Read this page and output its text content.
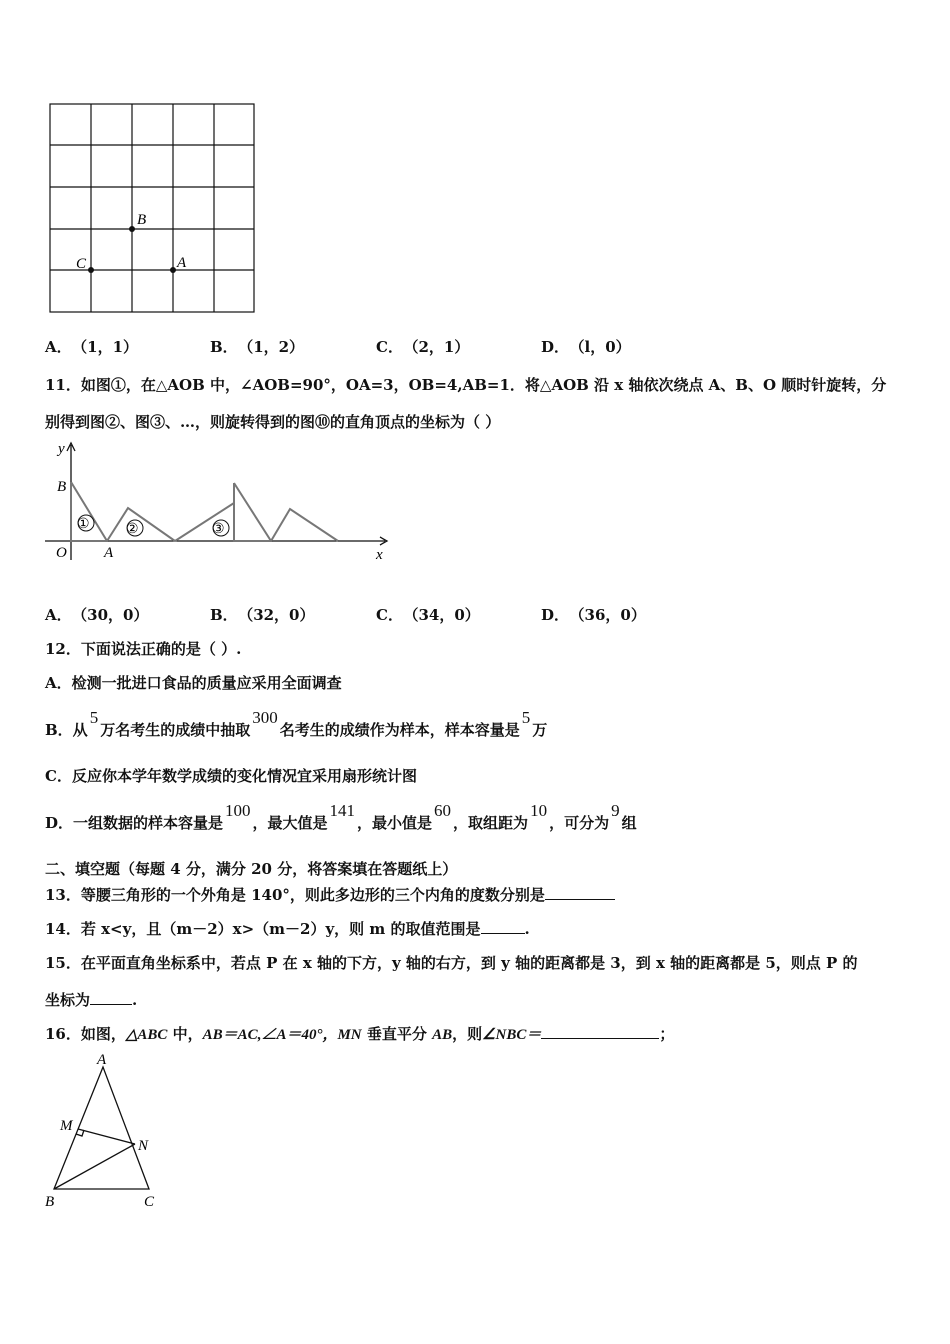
B
C	A
A． （1，1）	B． （1，2）	C． （2，1）	D． （l，0）
11．如图①，在△AOB 中，∠AOB=90°，OA=3，OB=4,AB=1．将△AOB 沿 x 轴依次绕点 A、B、O 顺时针旋转，分
别得到图②、图③、…，则旋转得到的图⑩的直角顶点的坐标为（ ）
①	②	③
y
B
O A	x
A． （30，0）	B． （32，0）	C． （34，0）	D． （36，0）
12．下面说法正确的是（ ）.
A．检测一批进口食品的质量应采用全面调查
B．从5万名考生的成绩中抽取300名考生的成绩作为样本，样本容量是5万
C．反应你本学年数学成绩的变化情况宜采用扇形统计图
D．一组数据的样本容量是100，最大值是141，最小值是60，取组距为10，可分为9组
二、填空题（每题 4 分，满分 20 分，将答案填在答题纸上）
13．等腰三角形的一个外角是 140°，则此多边形的三个内角的度数分别是
14．若 x<y，且（m－2）x>（m－2）y，则 m 的取值范围是	.
15．在平面直角坐标系中，若点 P 在 x 轴的下方，y 轴的右方，到 y 轴的距离都是 3，到 x 轴的距离都是 5，则点 P 的
坐标为	.
16．如图，△ABC 中，AB＝AC,∠A＝40°，MN 垂直平分 AB，则∠NBC＝	；
A
M
N
B	C
